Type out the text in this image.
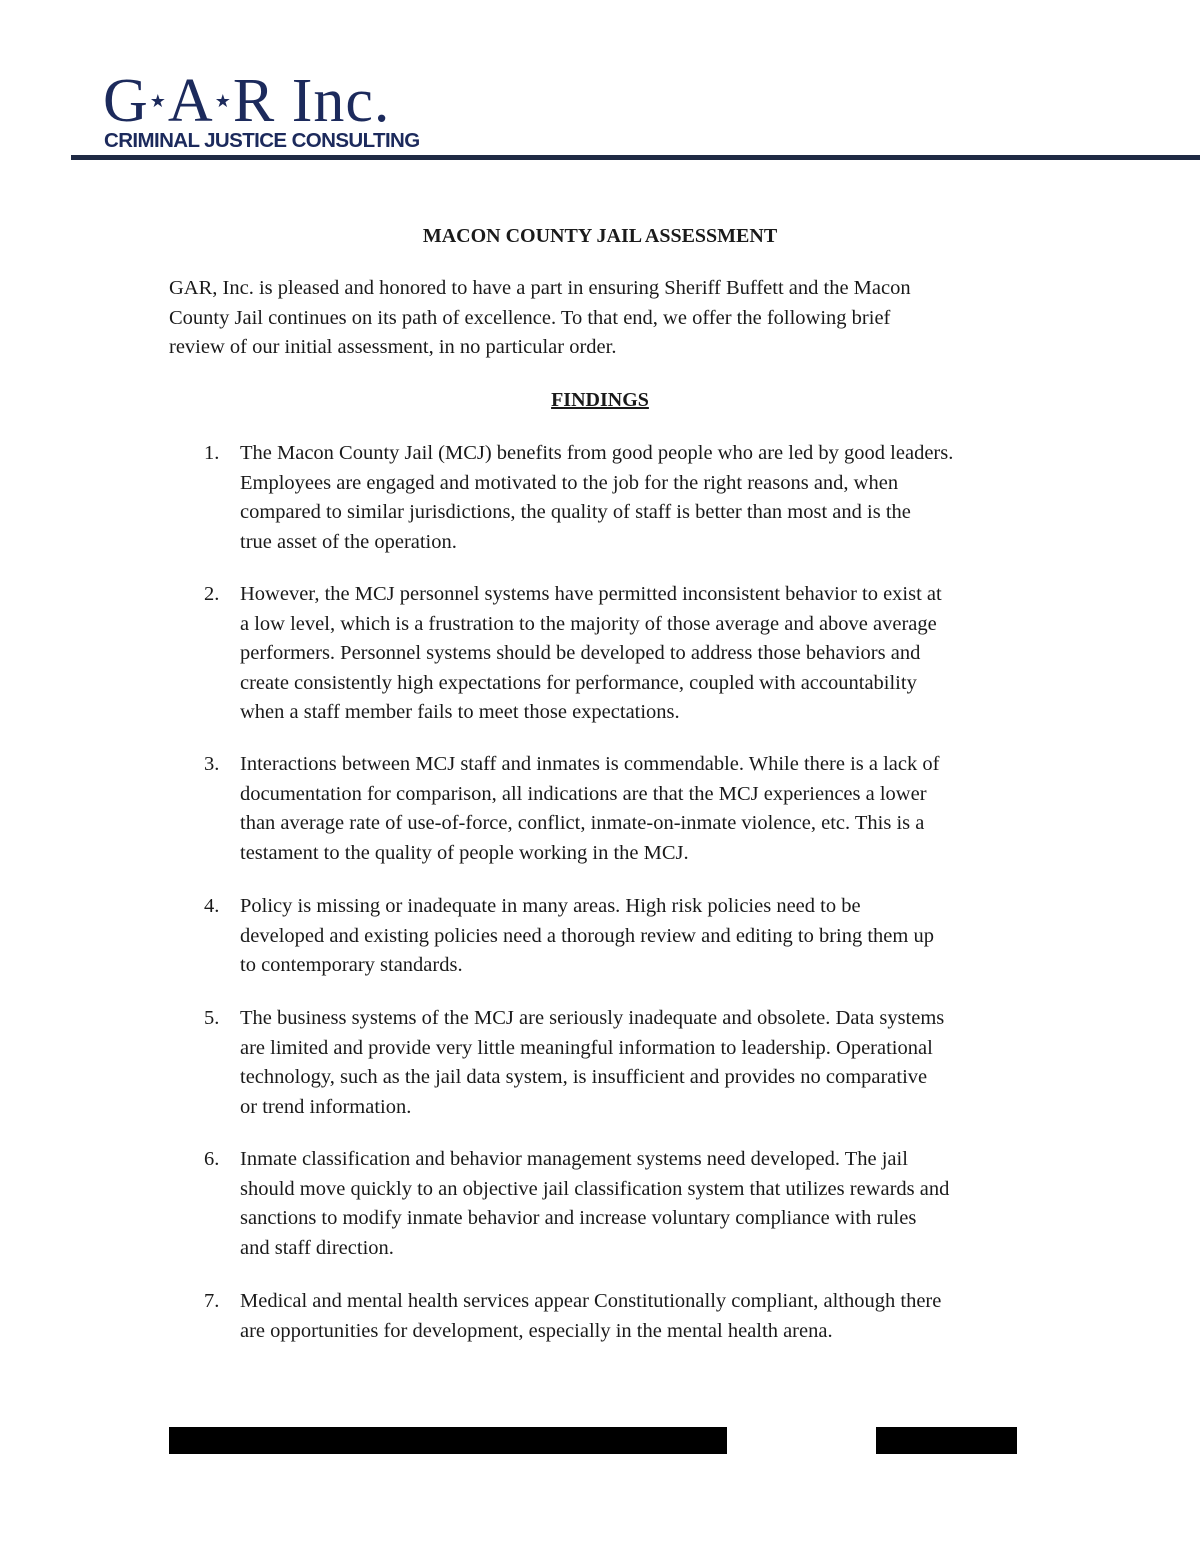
G★A★R Inc.
CRIMINAL JUSTICE CONSULTING
MACON COUNTY JAIL ASSESSMENT

GAR, Inc. is pleased and honored to have a part in ensuring Sheriff Buffett and the Macon
County Jail continues on its path of excellence. To that end, we offer the following brief
review of our initial assessment, in no particular order.

FINDINGS
1. The Macon County Jail (MCJ) benefits from good people who are led by good leaders.
Employees are engaged and motivated to the job for the right reasons and, when
compared to similar jurisdictions, the quality of staff is better than most and is the
true asset of the operation.
2. However, the MCJ personnel systems have permitted inconsistent behavior to exist at
a low level, which is a frustration to the majority of those average and above average
performers. Personnel systems should be developed to address those behaviors and
create consistently high expectations for performance, coupled with accountability
when a staff member fails to meet those expectations.
3. Interactions between MCJ staff and inmates is commendable. While there is a lack of
documentation for comparison, all indications are that the MCJ experiences a lower
than average rate of use-of-force, conflict, inmate-on-inmate violence, etc. This is a
testament to the quality of people working in the MCJ.
4. Policy is missing or inadequate in many areas. High risk policies need to be
developed and existing policies need a thorough review and editing to bring them up
to contemporary standards.
5. The business systems of the MCJ are seriously inadequate and obsolete. Data systems
are limited and provide very little meaningful information to leadership. Operational
technology, such as the jail data system, is insufficient and provides no comparative
or trend information.
6. Inmate classification and behavior management systems need developed. The jail
should move quickly to an objective jail classification system that utilizes rewards and
sanctions to modify inmate behavior and increase voluntary compliance with rules
and staff direction.
7. Medical and mental health services appear Constitutionally compliant, although there
are opportunities for development, especially in the mental health arena.
